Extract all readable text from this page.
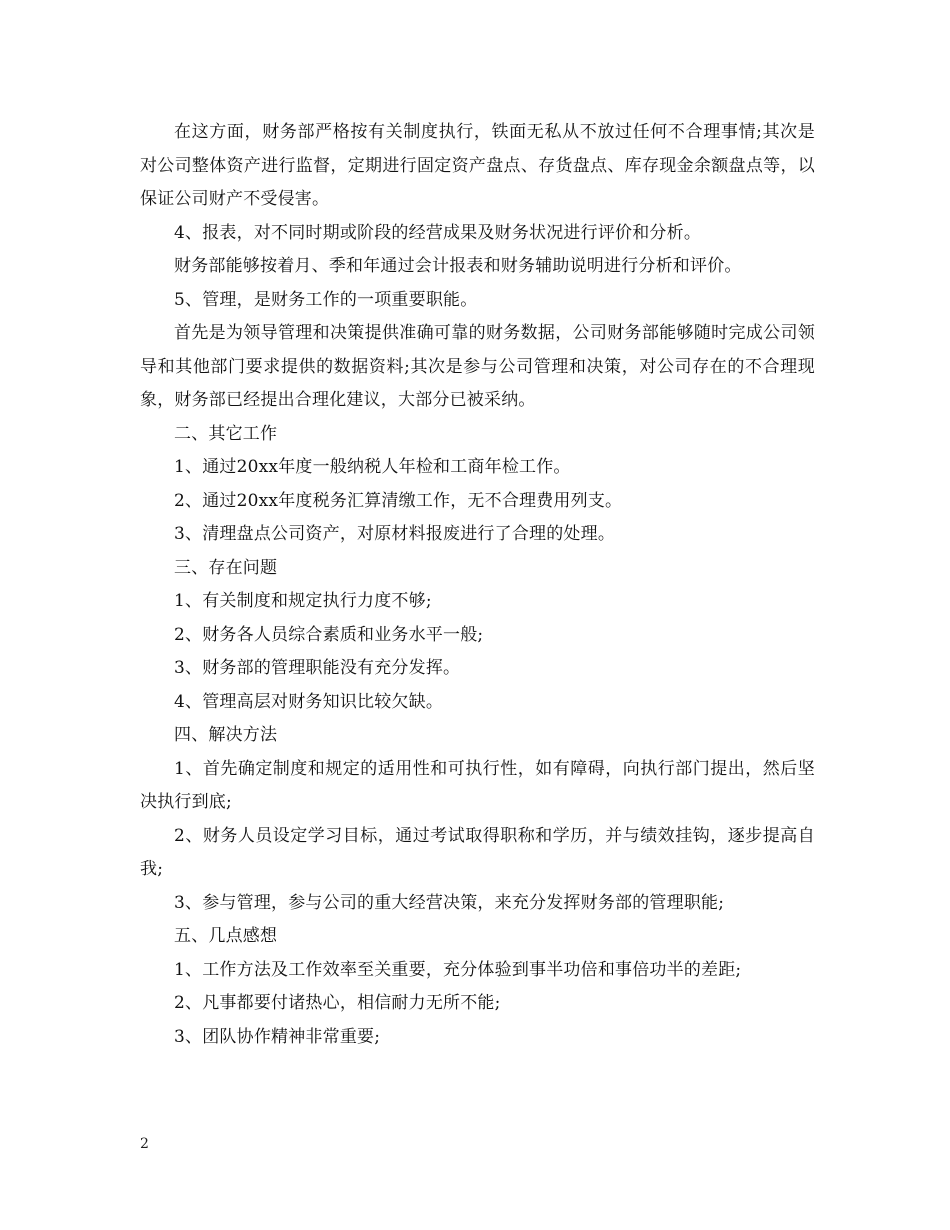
在这方面，财务部严格按有关制度执行，铁面无私从不放过任何不合理事情;其次是对公司整体资产进行监督，定期进行固定资产盘点、存货盘点、库存现金余额盘点等，以保证公司财产不受侵害。

4、报表，对不同时期或阶段的经营成果及财务状况进行评价和分析。

财务部能够按着月、季和年通过会计报表和财务辅助说明进行分析和评价。

5、管理，是财务工作的一项重要职能。

首先是为领导管理和决策提供准确可靠的财务数据，公司财务部能够随时完成公司领导和其他部门要求提供的数据资料;其次是参与公司管理和决策，对公司存在的不合理现象，财务部已经提出合理化建议，大部分已被采纳。

二、其它工作

1、通过20xx年度一般纳税人年检和工商年检工作。

2、通过20xx年度税务汇算清缴工作，无不合理费用列支。

3、清理盘点公司资产，对原材料报废进行了合理的处理。

三、存在问题

1、有关制度和规定执行力度不够;

2、财务各人员综合素质和业务水平一般;

3、财务部的管理职能没有充分发挥。

4、管理高层对财务知识比较欠缺。

四、解决方法

1、首先确定制度和规定的适用性和可执行性，如有障碍，向执行部门提出，然后坚决执行到底;

2、财务人员设定学习目标，通过考试取得职称和学历，并与绩效挂钩，逐步提高自我;

3、参与管理，参与公司的重大经营决策，来充分发挥财务部的管理职能;

五、几点感想

1、工作方法及工作效率至关重要，充分体验到事半功倍和事倍功半的差距;

2、凡事都要付诸热心，相信耐力无所不能;

3、团队协作精神非常重要;

2
